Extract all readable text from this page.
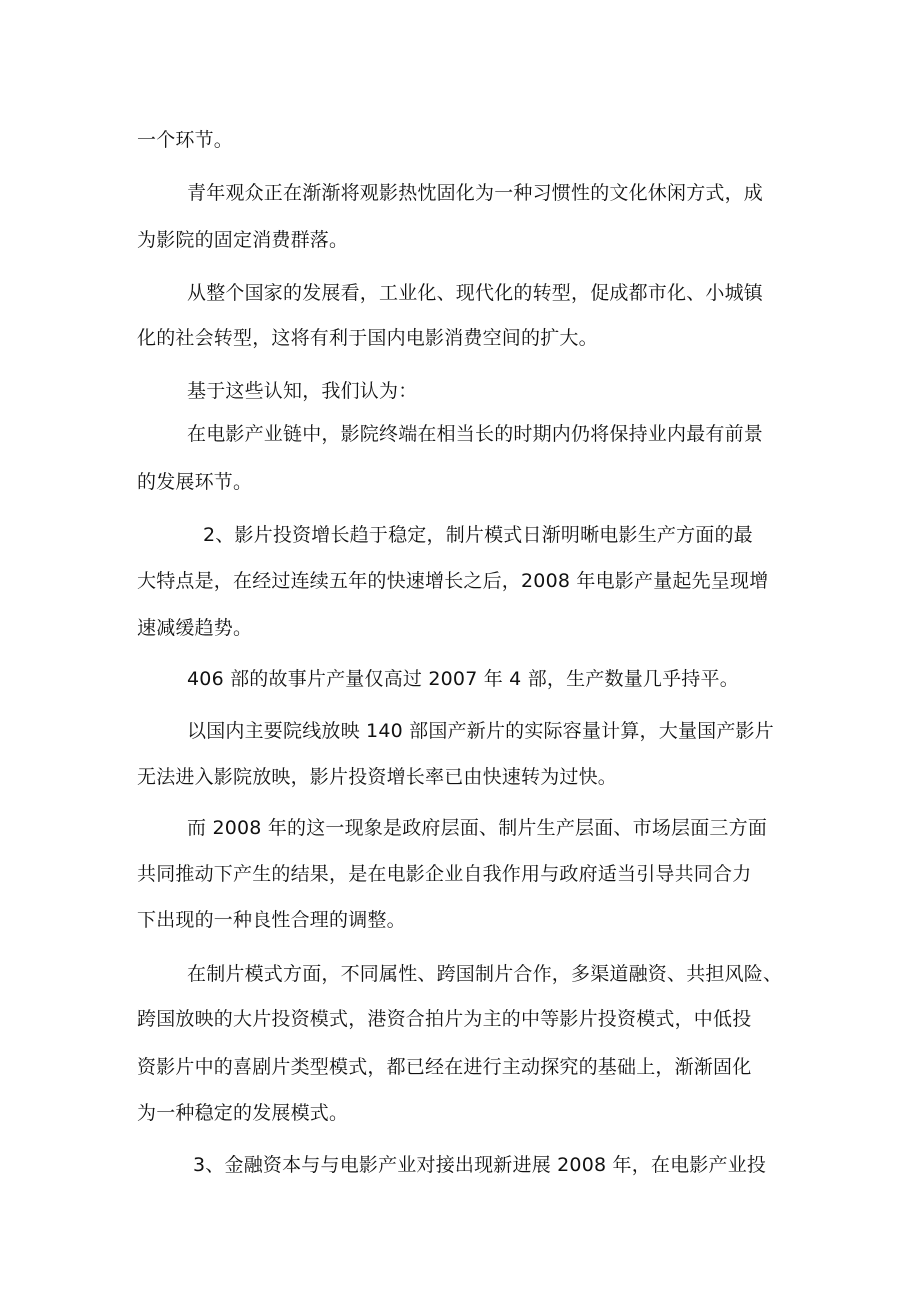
一个环节。
青年观众正在渐渐将观影热忱固化为一种习惯性的文化休闲方式，成
为影院的固定消费群落。
从整个国家的发展看，工业化、现代化的转型，促成都市化、小城镇
化的社会转型，这将有利于国内电影消费空间的扩大。
基于这些认知，我们认为：
在电影产业链中，影院终端在相当长的时期内仍将保持业内最有前景
的发展环节。
2、影片投资增长趋于稳定，制片模式日渐明晰电影生产方面的最
大特点是，在经过连续五年的快速增长之后，2008 年电影产量起先呈现增
速减缓趋势。
406 部的故事片产量仅高过 2007 年 4 部，生产数量几乎持平。
以国内主要院线放映 140 部国产新片的实际容量计算，大量国产影片
无法进入影院放映，影片投资增长率已由快速转为过快。
而 2008 年的这一现象是政府层面、制片生产层面、市场层面三方面
共同推动下产生的结果，是在电影企业自我作用与政府适当引导共同合力
下出现的一种良性合理的调整。
在制片模式方面，不同属性、跨国制片合作，多渠道融资、共担风险、
跨国放映的大片投资模式，港资合拍片为主的中等影片投资模式，中低投
资影片中的喜剧片类型模式，都已经在进行主动探究的基础上，渐渐固化
为一种稳定的发展模式。
3、金融资本与与电影产业对接出现新进展 2008 年，在电影产业投
